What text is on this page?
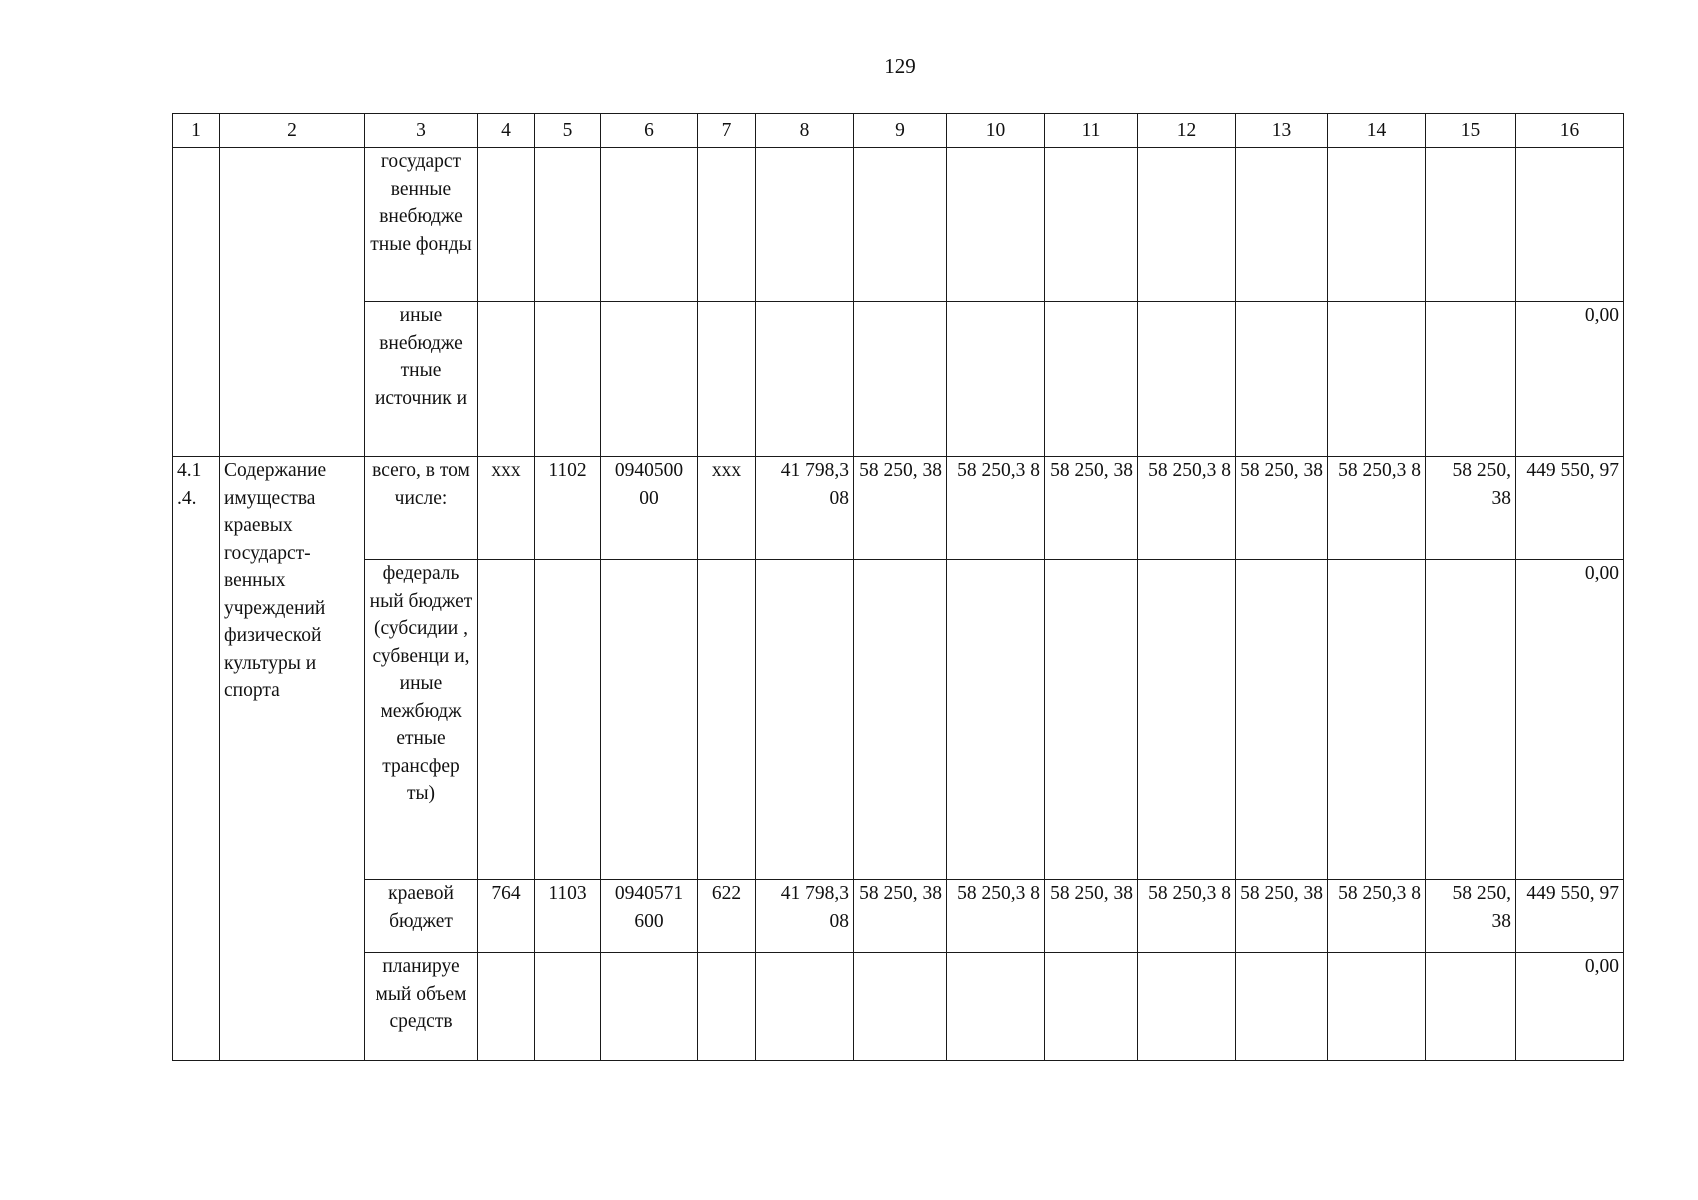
129
1	2	3	4	5	6	7	8	9	10	11	12	13	14	15	16
		государст венные внебюдже тные фонды													
		иные внебюдже тные источник и													0,00
4.1 .4.	Содержание имущества краевых государст-венных учреждений физической культуры и спорта	всего, в том числе:	ххх	1102	0940500 00	ххх	41 798,3 08	58 250, 38	58 250,3 8	58 250, 38	58 250,3 8	58 250, 38	58 250,3 8	58 250, 38	449 550, 97
		федераль ный бюджет (субсидии , субвенци и, иные межбюдж етные трансфер ты)													0,00
		краевой бюджет	764	1103	0940571 600	622	41 798,3 08	58 250, 38	58 250,3 8	58 250, 38	58 250,3 8	58 250, 38	58 250,3 8	58 250, 38	449 550, 97
		планируе мый объем средств													0,00
